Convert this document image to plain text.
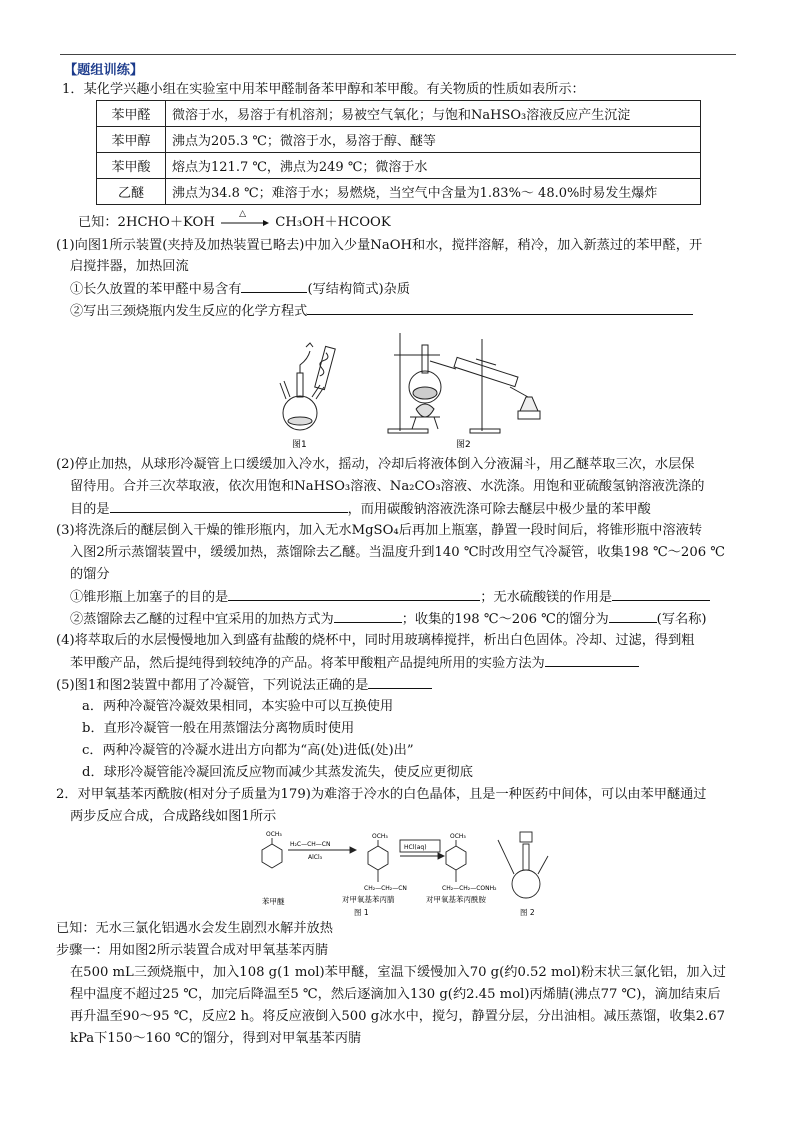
【题组训练】
1．某化学兴趣小组在实验室中用苯甲醛制备苯甲醇和苯甲酸。有关物质的性质如表所示：
苯甲醛	微溶于水，易溶于有机溶剂；易被空气氧化；与饱和NaHSO₃溶液反应产生沉淀
苯甲醇	沸点为205.3 ℃；微溶于水，易溶于醇、醚等
苯甲酸	熔点为121.7 ℃，沸点为249 ℃；微溶于水
乙醚	沸点为34.8 ℃；难溶于水；易燃烧，当空气中含量为1.83%～ 48.0%时易发生爆炸
已知：2HCHO＋KOH
△
CH₃OH＋HCOOK
(1)向图1所示装置(夹持及加热装置已略去)中加入少量NaOH和水，搅拌溶解，稍冷，加入新蒸过的苯甲醛，开
启搅拌器，加热回流
①长久放置的苯甲醛中易含有	(写结构简式)杂质
②写出三颈烧瓶内发生反应的化学方程式
图1	图2
(2)停止加热，从球形冷凝管上口缓缓加入冷水，摇动，冷却后将液体倒入分液漏斗，用乙醚萃取三次，水层保
留待用。合并三次萃取液，依次用饱和NaHSO₃溶液、Na₂CO₃溶液、水洗涤。用饱和亚硫酸氢钠溶液洗涤的
目的是	，而用碳酸钠溶液洗涤可除去醚层中极少量的苯甲酸
(3)将洗涤后的醚层倒入干燥的锥形瓶内，加入无水MgSO₄后再加上瓶塞，静置一段时间后，将锥形瓶中溶液转
入图2所示蒸馏装置中，缓缓加热，蒸馏除去乙醚。当温度升到140 ℃时改用空气冷凝管，收集198 ℃～206 ℃
的馏分
①锥形瓶上加塞子的目的是	；无水硫酸镁的作用是
②蒸馏除去乙醚的过程中宜采用的加热方式为	；收集的198 ℃～206 ℃的馏分为	(写名称)
(4)将萃取后的水层慢慢地加入到盛有盐酸的烧杯中，同时用玻璃棒搅拌，析出白色固体。冷却、过滤，得到粗
苯甲酸产品，然后提纯得到较纯净的产品。将苯甲酸粗产品提纯所用的实验方法为
(5)图1和图2装置中都用了冷凝管，下列说法正确的是
a．两种冷凝管冷凝效果相同，本实验中可以互换使用
b．直形冷凝管一般在用蒸馏法分离物质时使用
c．两种冷凝管的冷凝水进出方向都为“高(处)进低(处)出”
d．球形冷凝管能冷凝回流反应物而减少其蒸发流失，使反应更彻底
2．对甲氧基苯丙酰胺(相对分子质量为179)为难溶于冷水的白色晶体，且是一种医药中间体，可以由苯甲醚通过
两步反应合成，合成路线如图1所示
OCH₃
H₂C—CH—CN
AlCl₃
OCH₃
HCl(aq)
CH₂—CH₂—CN
OCH₃
CH₂—CH₂—CONH₂
苯甲醚	对甲氧基苯丙腈	对甲氧基苯丙酰胺
图 1	图 2
已知：无水三氯化铝遇水会发生剧烈水解并放热
步骤一：用如图2所示装置合成对甲氧基苯丙腈
在500 mL三颈烧瓶中，加入108 g(1 mol)苯甲醚，室温下缓慢加入70 g(约0.52 mol)粉末状三氯化铝，加入过
程中温度不超过25 ℃，加完后降温至5 ℃，然后逐滴加入130 g(约2.45 mol)丙烯腈(沸点77 ℃)，滴加结束后
再升温至90～95 ℃，反应2 h。将反应液倒入500 g冰水中，搅匀，静置分层，分出油相。减压蒸馏，收集2.67
kPa下150～160 ℃的馏分，得到对甲氧基苯丙腈
